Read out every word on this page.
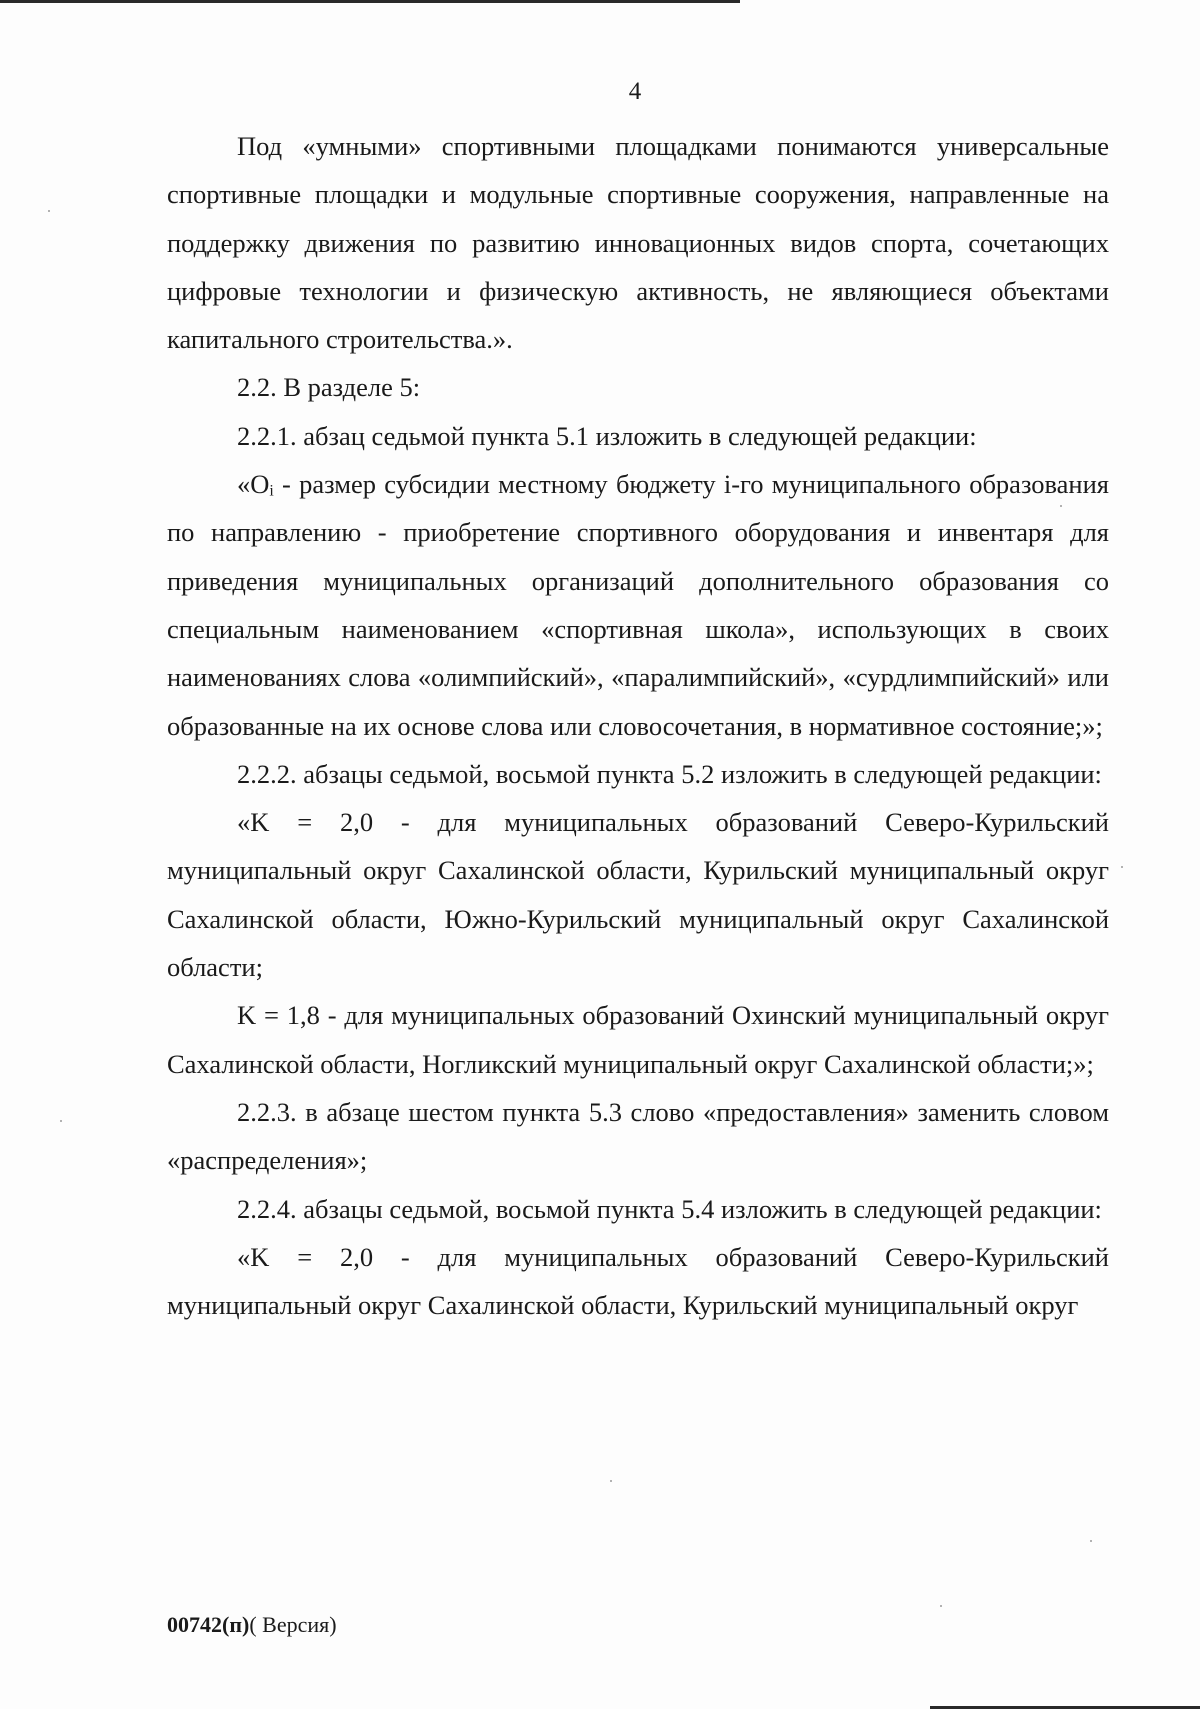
4

Под «умными» спортивными площадками понимаются универсальные спортивные площадки и модульные спортивные сооружения, направленные на поддержку движения по развитию инновационных видов спорта, сочетающих цифровые технологии и физическую активность, не являющиеся объектами капитального строительства.».

2.2. В разделе 5:

2.2.1. абзац седьмой пункта 5.1 изложить в следующей редакции:

«Oᵢ - размер субсидии местному бюджету i-го муниципального образования по направлению - приобретение спортивного оборудования и инвентаря для приведения муниципальных организаций дополнительного образования со специальным наименованием «спортивная школа», использующих в своих наименованиях слова «олимпийский», «паралимпийский», «сурдлимпийский» или образованные на их основе слова или словосочетания, в нормативное состояние;»;

2.2.2. абзацы седьмой, восьмой пункта 5.2 изложить в следующей редакции:

«K = 2,0 - для муниципальных образований Северо-Курильский муниципальный округ Сахалинской области, Курильский муниципальный округ Сахалинской области, Южно-Курильский муниципальный округ Сахалинской области;

K = 1,8 - для муниципальных образований Охинский муниципальный округ Сахалинской области, Ногликский муниципальный округ Сахалинской области;»;

2.2.3. в абзаце шестом пункта 5.3 слово «предоставления» заменить словом «распределения»;

2.2.4. абзацы седьмой, восьмой пункта 5.4 изложить в следующей редакции:

«K = 2,0 - для муниципальных образований Северо-Курильский муниципальный округ Сахалинской области, Курильский муниципальный округ

00742(п)( Версия)
